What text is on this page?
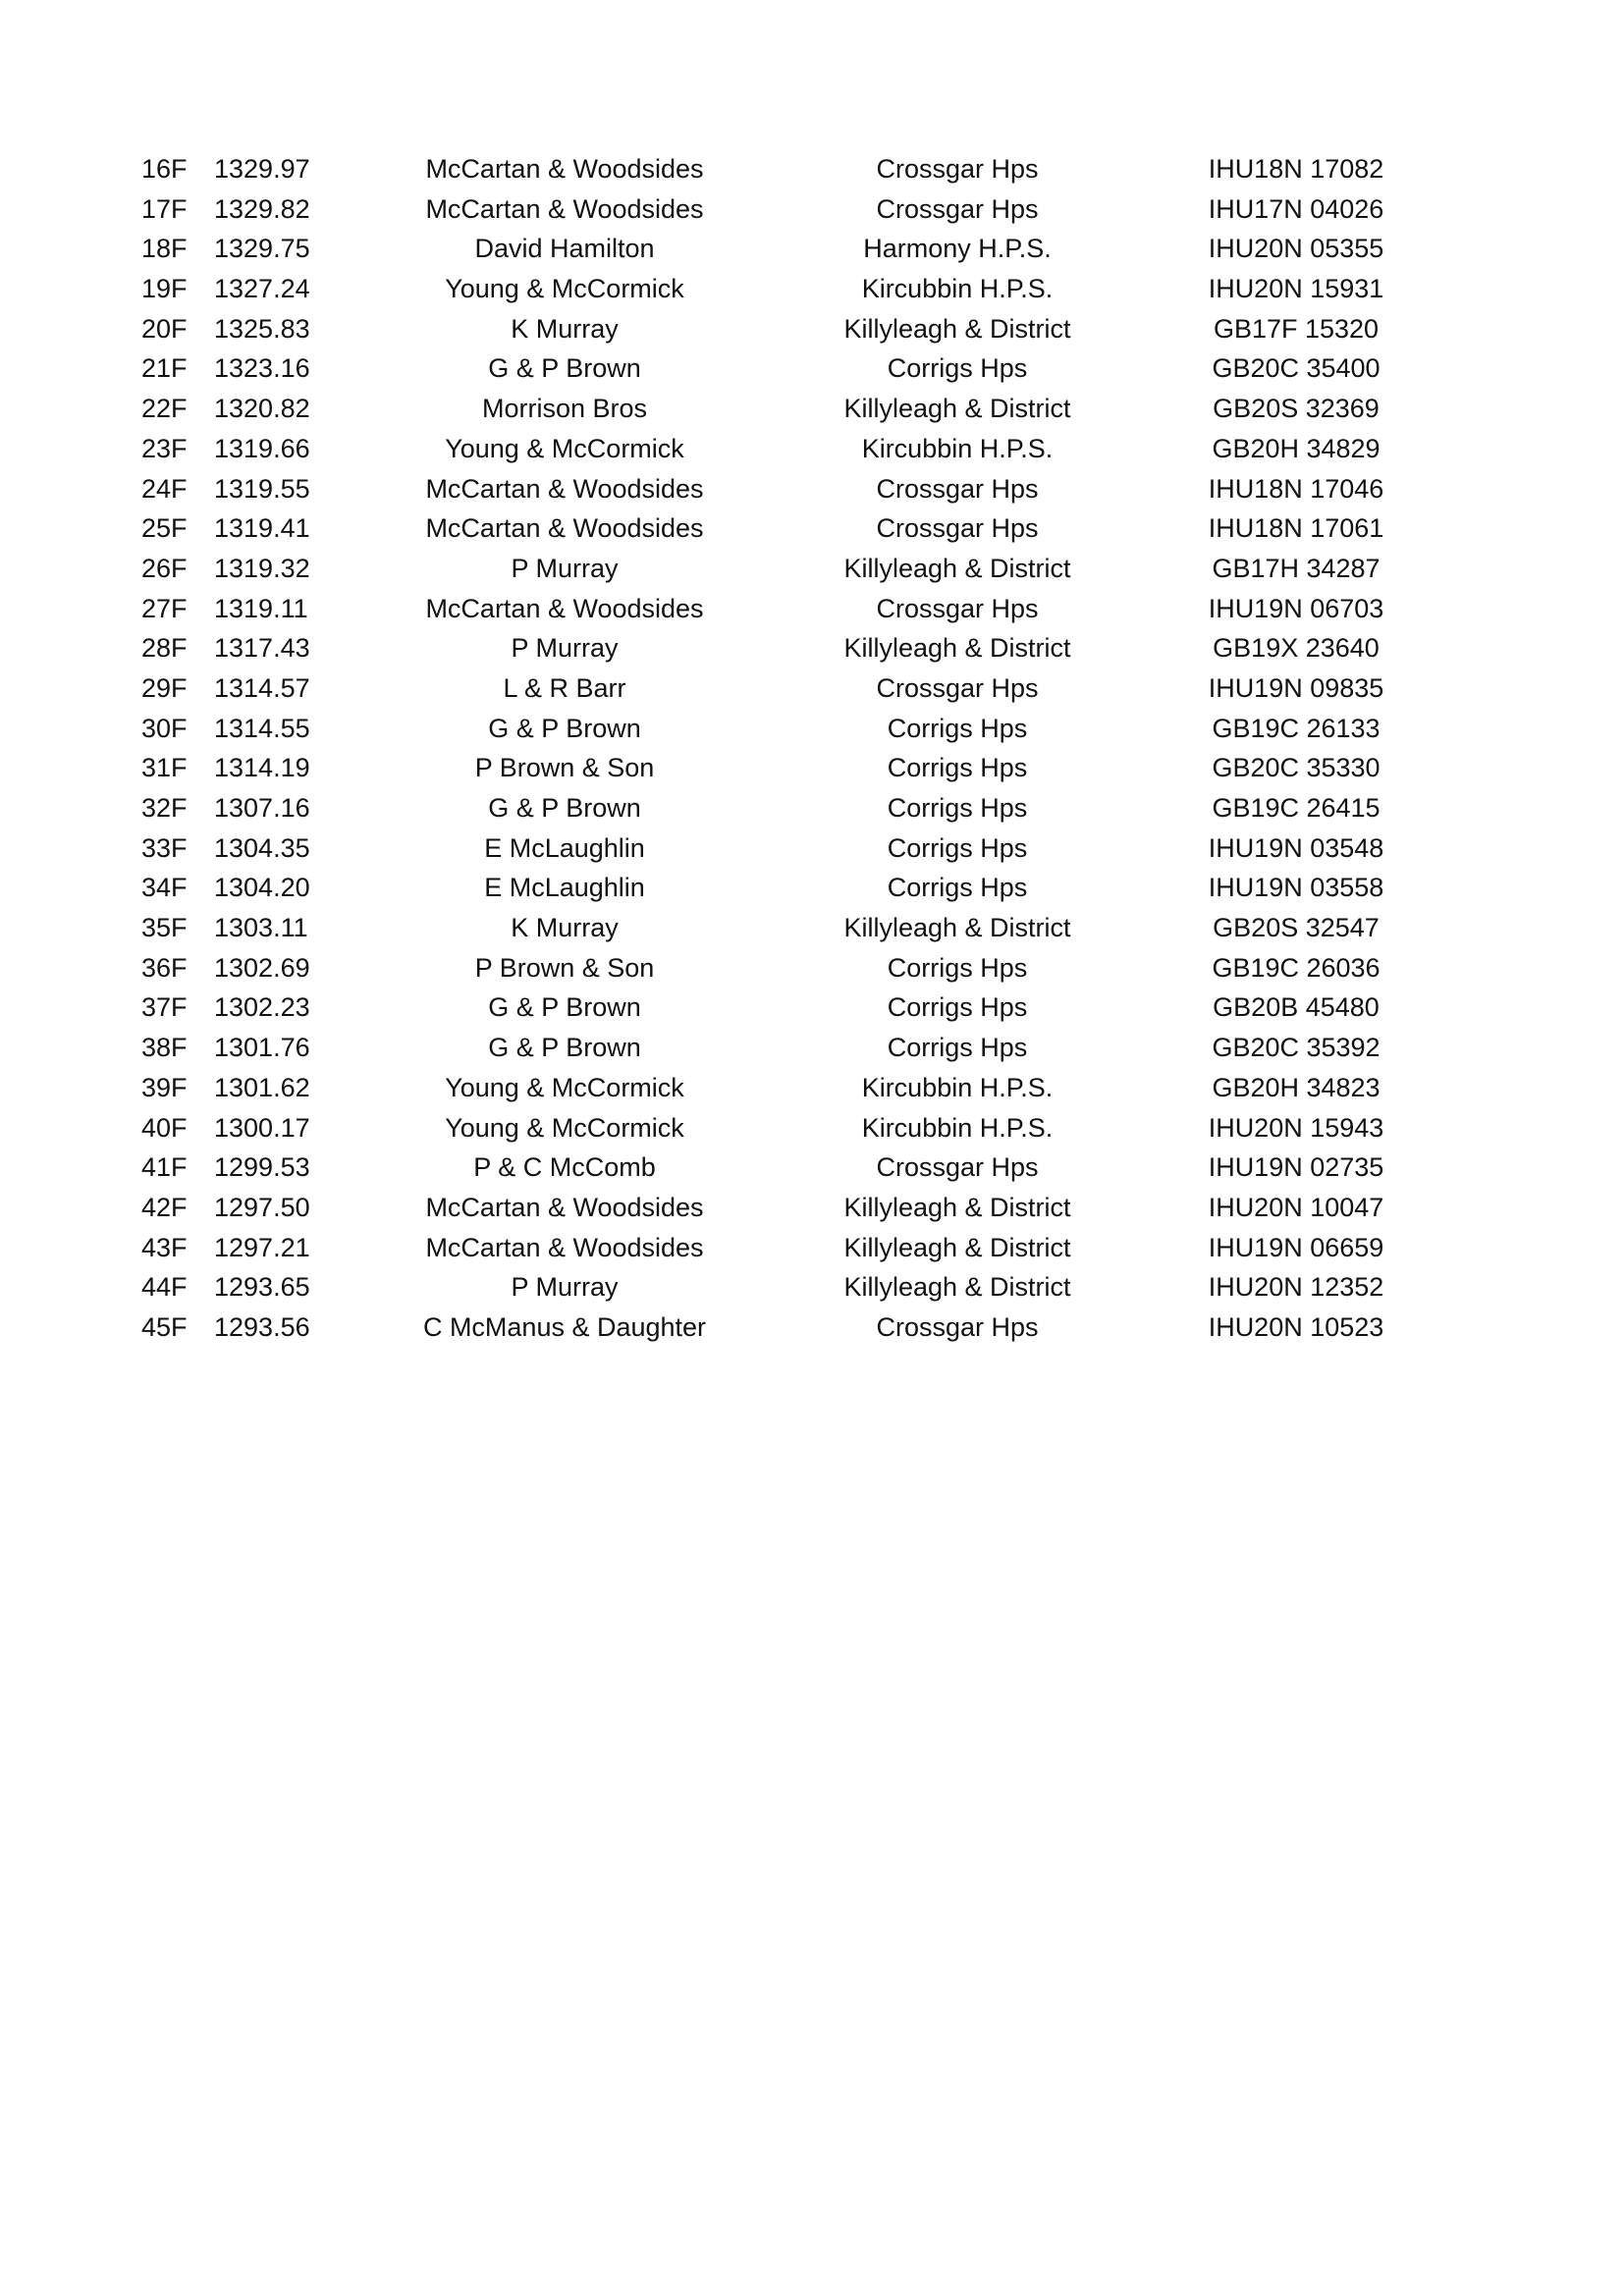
16F 1329.97	McCartan & Woodsides	Crossgar Hps	IHU18N 17082
17F 1329.82	McCartan & Woodsides	Crossgar Hps	IHU17N 04026
18F 1329.75	David Hamilton	Harmony H.P.S.	IHU20N 05355
19F 1327.24	Young & McCormick	Kircubbin H.P.S.	IHU20N 15931
20F 1325.83	K Murray	Killyleagh & District	GB17F 15320
21F 1323.16	G & P Brown	Corrigs Hps	GB20C 35400
22F 1320.82	Morrison Bros	Killyleagh & District	GB20S 32369
23F 1319.66	Young & McCormick	Kircubbin H.P.S.	GB20H 34829
24F 1319.55	McCartan & Woodsides	Crossgar Hps	IHU18N 17046
25F 1319.41	McCartan & Woodsides	Crossgar Hps	IHU18N 17061
26F 1319.32	P Murray	Killyleagh & District	GB17H 34287
27F 1319.11	McCartan & Woodsides	Crossgar Hps	IHU19N 06703
28F 1317.43	P Murray	Killyleagh & District	GB19X 23640
29F 1314.57	L & R Barr	Crossgar Hps	IHU19N 09835
30F 1314.55	G & P Brown	Corrigs Hps	GB19C 26133
31F 1314.19	P Brown & Son	Corrigs Hps	GB20C 35330
32F 1307.16	G & P Brown	Corrigs Hps	GB19C 26415
33F 1304.35	E McLaughlin	Corrigs Hps	IHU19N 03548
34F 1304.20	E McLaughlin	Corrigs Hps	IHU19N 03558
35F 1303.11	K Murray	Killyleagh & District	GB20S 32547
36F 1302.69	P Brown & Son	Corrigs Hps	GB19C 26036
37F 1302.23	G & P Brown	Corrigs Hps	GB20B 45480
38F 1301.76	G & P Brown	Corrigs Hps	GB20C 35392
39F 1301.62	Young & McCormick	Kircubbin H.P.S.	GB20H 34823
40F 1300.17	Young & McCormick	Kircubbin H.P.S.	IHU20N 15943
41F 1299.53	P & C McComb	Crossgar Hps	IHU19N 02735
42F 1297.50	McCartan & Woodsides	Killyleagh & District	IHU20N 10047
43F 1297.21	McCartan & Woodsides	Killyleagh & District	IHU19N 06659
44F 1293.65	P Murray	Killyleagh & District	IHU20N 12352
45F 1293.56	C McManus & Daughter	Crossgar Hps	IHU20N 10523
